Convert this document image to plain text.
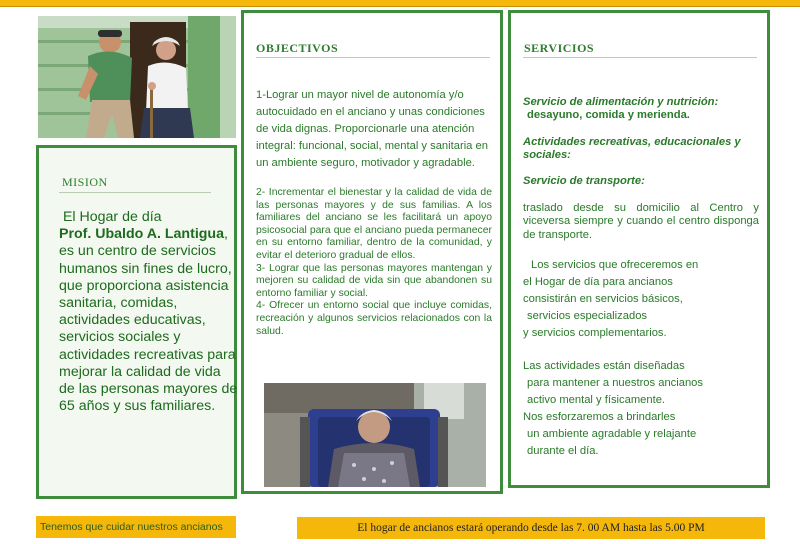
MISION
El Hogar de día
Prof. Ubaldo A. Lantigua, es un centro de servicios humanos sin fines de lucro, que proporciona asistencia sanitaria, comidas, actividades educativas, servicios sociales y actividades recreativas para mejorar la calidad de vida de las personas mayores de 65 años y sus familiares.
OBJECTIVOS
1-Lograr un mayor nivel de autonomía y/o autocuidado en el anciano y unas condiciones de vida dignas. Proporcionarle una atención integral: funcional, social, mental y sanitaria en un ambiente seguro, motivador y agradable.
2- Incrementar el bienestar y la calidad de vida de las personas mayores y de sus familias. A los familiares del anciano se les facilitará un apoyo psicosocial para que el anciano pueda permanecer en su entorno familiar, dentro de la comunidad, y evitar el deterioro gradual de ellos.
3- Lograr que las personas mayores mantengan y mejoren su calidad de vida sin que abandonen su entorno familiar y social.
4- Ofrecer un entorno social que incluye comidas, recreación y algunos servicios relacionados con la salud.
SERVICIOS
Servicio de alimentación y nutrición:
desayuno, comida y merienda.
Actividades recreativas, educacionales y sociales:
Servicio de transporte:
traslado desde su domicilio al Centro y viceversa siempre y cuando el centro disponga de transporte.
Los servicios que ofreceremos en
el Hogar de día para ancianos
consistirán en servicios básicos,
servicios especializados
y servicios complementarios.
Las actividades están diseñadas
para mantener a nuestros ancianos
activo mental y físicamente.
Nos esforzaremos a brindarles
un ambiente agradable y relajante
durante el día.
Tenemos que cuidar nuestros ancianos	El hogar de ancianos estará operando desde las 7. 00 AM hasta las 5.00 PM
